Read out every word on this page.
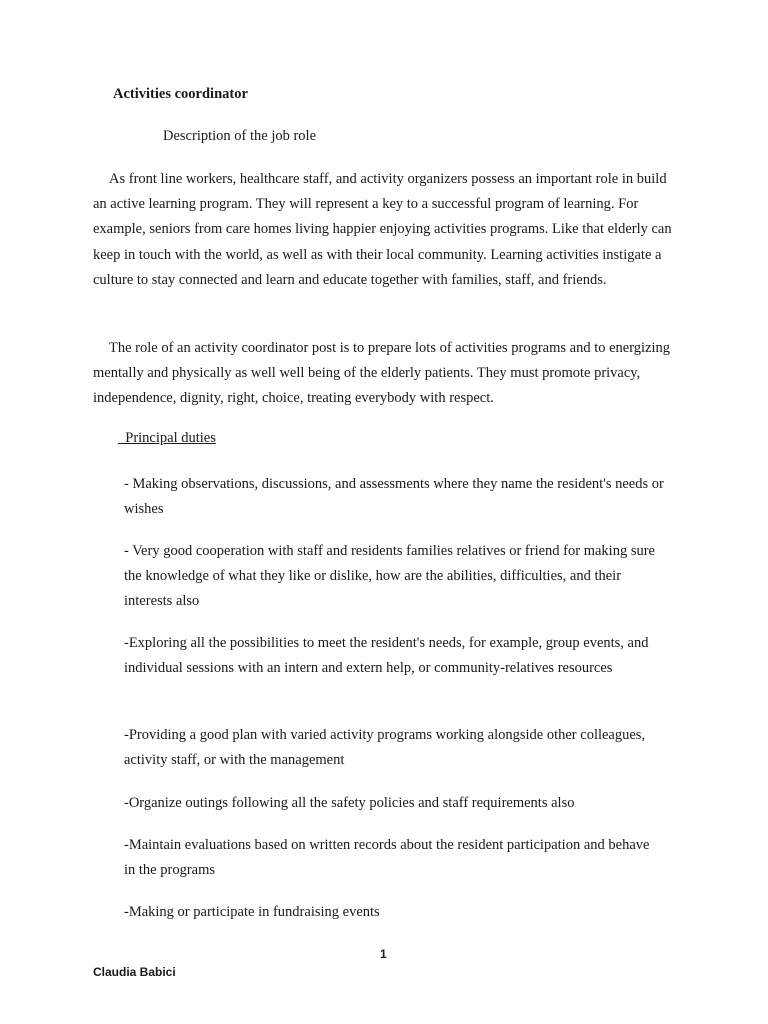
Activities coordinator

Description of the job role

As front line workers, healthcare staff, and activity organizers possess an important role in build an active learning program. They will represent a key to a successful program of learning. For example, seniors from care homes living happier enjoying activities programs. Like that elderly can keep in touch with the world, as well as with their local community. Learning activities instigate a culture to stay connected and learn and educate together with families, staff, and friends.

The role of an activity coordinator post is to prepare lots of activities programs and to energizing mentally and physically as well well being of the elderly patients. They must promote privacy, independence, dignity, right, choice, treating everybody with respect.

Principal duties

- Making observations, discussions, and assessments where they name the resident's needs or wishes

- Very good cooperation with staff and residents families relatives or friend for making sure the knowledge of what they like or dislike, how are the abilities, difficulties, and their interests also

-Exploring all the possibilities to meet the resident's needs, for example, group events, and individual sessions with an intern and extern help, or community-relatives resources

-Providing a good plan with varied activity programs working alongside other colleagues, activity staff, or with the management

-Organize outings following all the safety policies and staff requirements also

-Maintain evaluations based on written records about the resident participation and behave in the programs

-Making or participate in fundraising events

1

Claudia Babici
